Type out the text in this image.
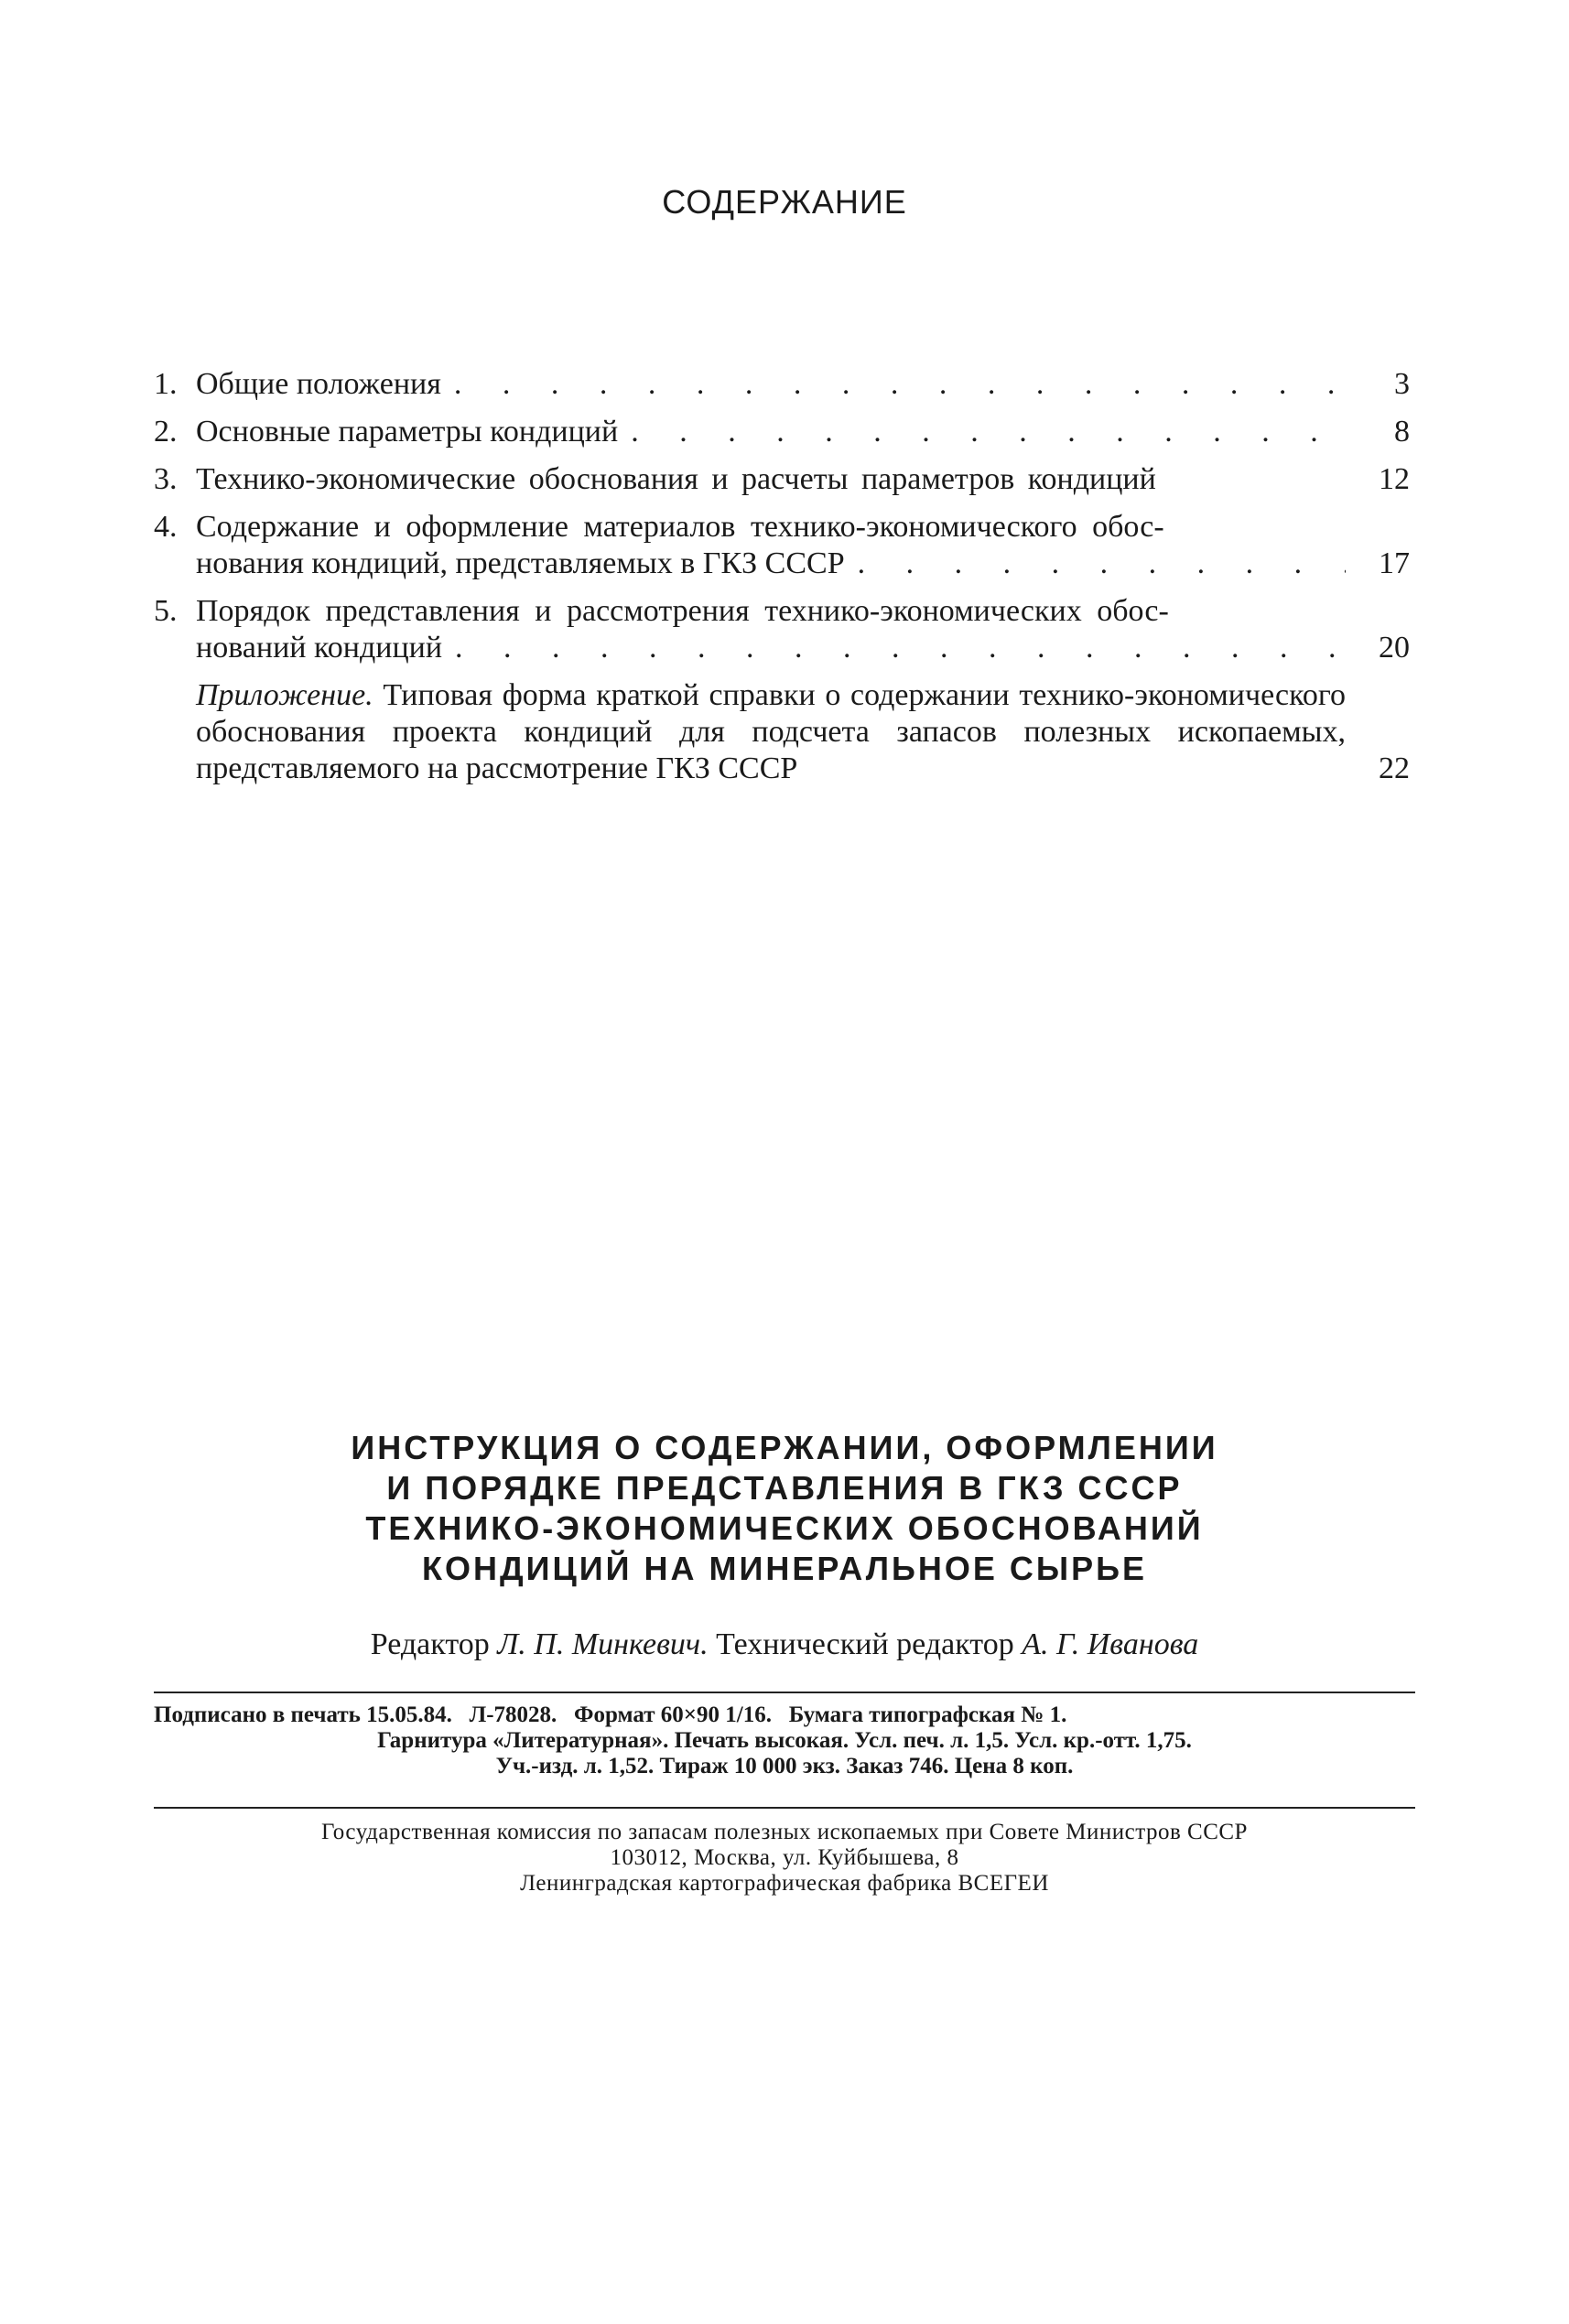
СОДЕРЖАНИЕ
1. Общие положения . . .	3
2. Основные параметры кондиций . . .	8
3. Технико-экономические обоснования и расчеты параметров кондиций	12
4. Содержание и оформление материалов технико-экономического обос-
нования кондиций, представляемых в ГКЗ СССР . . .	17
5. Порядок представления и рассмотрения технико-экономических обос-
нований кондиций . . .	20
Приложение. Типовая форма краткой справки о содержании технико-экономического обоснования проекта кондиций для подсчета запасов полезных ископаемых, представляемого на рассмотрение ГКЗ СССР	22
ИНСТРУКЦИЯ О СОДЕРЖАНИИ, ОФОРМЛЕНИИ
И ПОРЯДКЕ ПРЕДСТАВЛЕНИЯ В ГКЗ СССР
ТЕХНИКО-ЭКОНОМИЧЕСКИХ ОБОСНОВАНИЙ
КОНДИЦИЙ НА МИНЕРАЛЬНОЕ СЫРЬЕ
Редактор Л. П. Минкевич. Технический редактор А. Г. Иванова
Подписано в печать 15.05.84.   Л-78028.   Формат 60×90 1/16.   Бумага типографская № 1.
Гарнитура «Литературная». Печать высокая. Усл. печ. л. 1,5. Усл. кр.-отт. 1,75.
Уч.-изд. л. 1,52. Тираж 10 000 экз. Заказ 746. Цена 8 коп.
Государственная комиссия по запасам полезных ископаемых при Совете Министров СССР
103012, Москва, ул. Куйбышева, 8
Ленинградская картографическая фабрика ВСЕГЕИ
